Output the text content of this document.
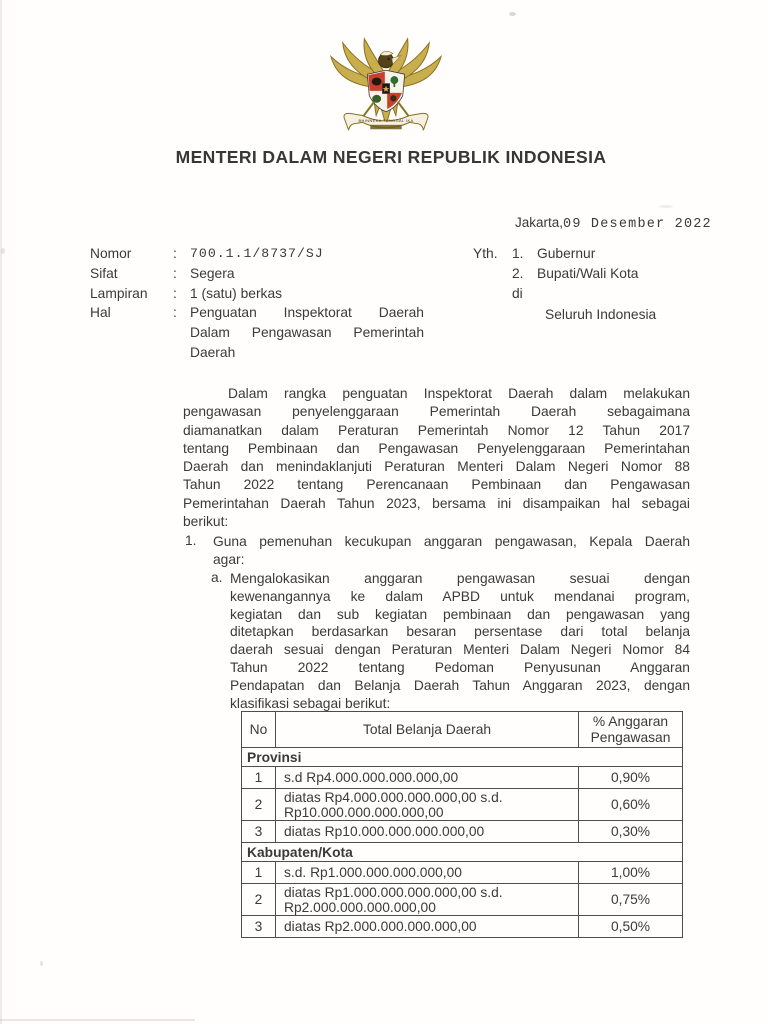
BHINNEKA TUNGGAL IKA
MENTERI DALAM NEGERI REPUBLIK INDONESIA
Jakarta,09 Desember 2022
Nomor	: 700.1.1/8737/SJ
Sifat	: Segera
Lampiran	: 1 (satu) berkas
Hal	: Penguatan Inspektorat Daerah
Dalam Pengawasan Pemerintah
Daerah
Yth.	1. Gubernur
2. Bupati/Wali Kota
di
Seluruh Indonesia
Dalam rangka penguatan Inspektorat Daerah dalam melakukan
pengawasan penyelenggaraan Pemerintah Daerah sebagaimana
diamanatkan dalam Peraturan Pemerintah Nomor 12 Tahun 2017
tentang Pembinaan dan Pengawasan Penyelenggaraan Pemerintahan
Daerah dan menindaklanjuti Peraturan Menteri Dalam Negeri Nomor 88
Tahun 2022 tentang Perencanaan Pembinaan dan Pengawasan
Pemerintahan Daerah Tahun 2023, bersama ini disampaikan hal sebagai
berikut:
1. Guna pemenuhan kecukupan anggaran pengawasan, Kepala Daerah
agar:
a. Mengalokasikan anggaran pengawasan sesuai dengan
kewenangannya ke dalam APBD untuk mendanai program,
kegiatan dan sub kegiatan pembinaan dan pengawasan yang
ditetapkan berdasarkan besaran persentase dari total belanja
daerah sesuai dengan Peraturan Menteri Dalam Negeri Nomor 84
Tahun 2022 tentang Pedoman Penyusunan Anggaran
Pendapatan dan Belanja Daerah Tahun Anggaran 2023, dengan
klasifikasi sebagai berikut:
No	Total Belanja Daerah	% Anggaran
Pengawasan

Provinsi		
1	s.d Rp4.000.000.000.000,00	0,90%
2	diatas Rp4.000.000.000.000,00 s.d.
Rp10.000.000.000.000,00	0,60%
3	diatas Rp10.000.000.000.000,00	0,30%
Kabupaten/Kota		
1	s.d. Rp1.000.000.000.000,00	1,00%
2	diatas Rp1.000.000.000.000,00 s.d.
Rp2.000.000.000.000,00	0,75%
3	diatas Rp2.000.000.000.000,00	0,50%
